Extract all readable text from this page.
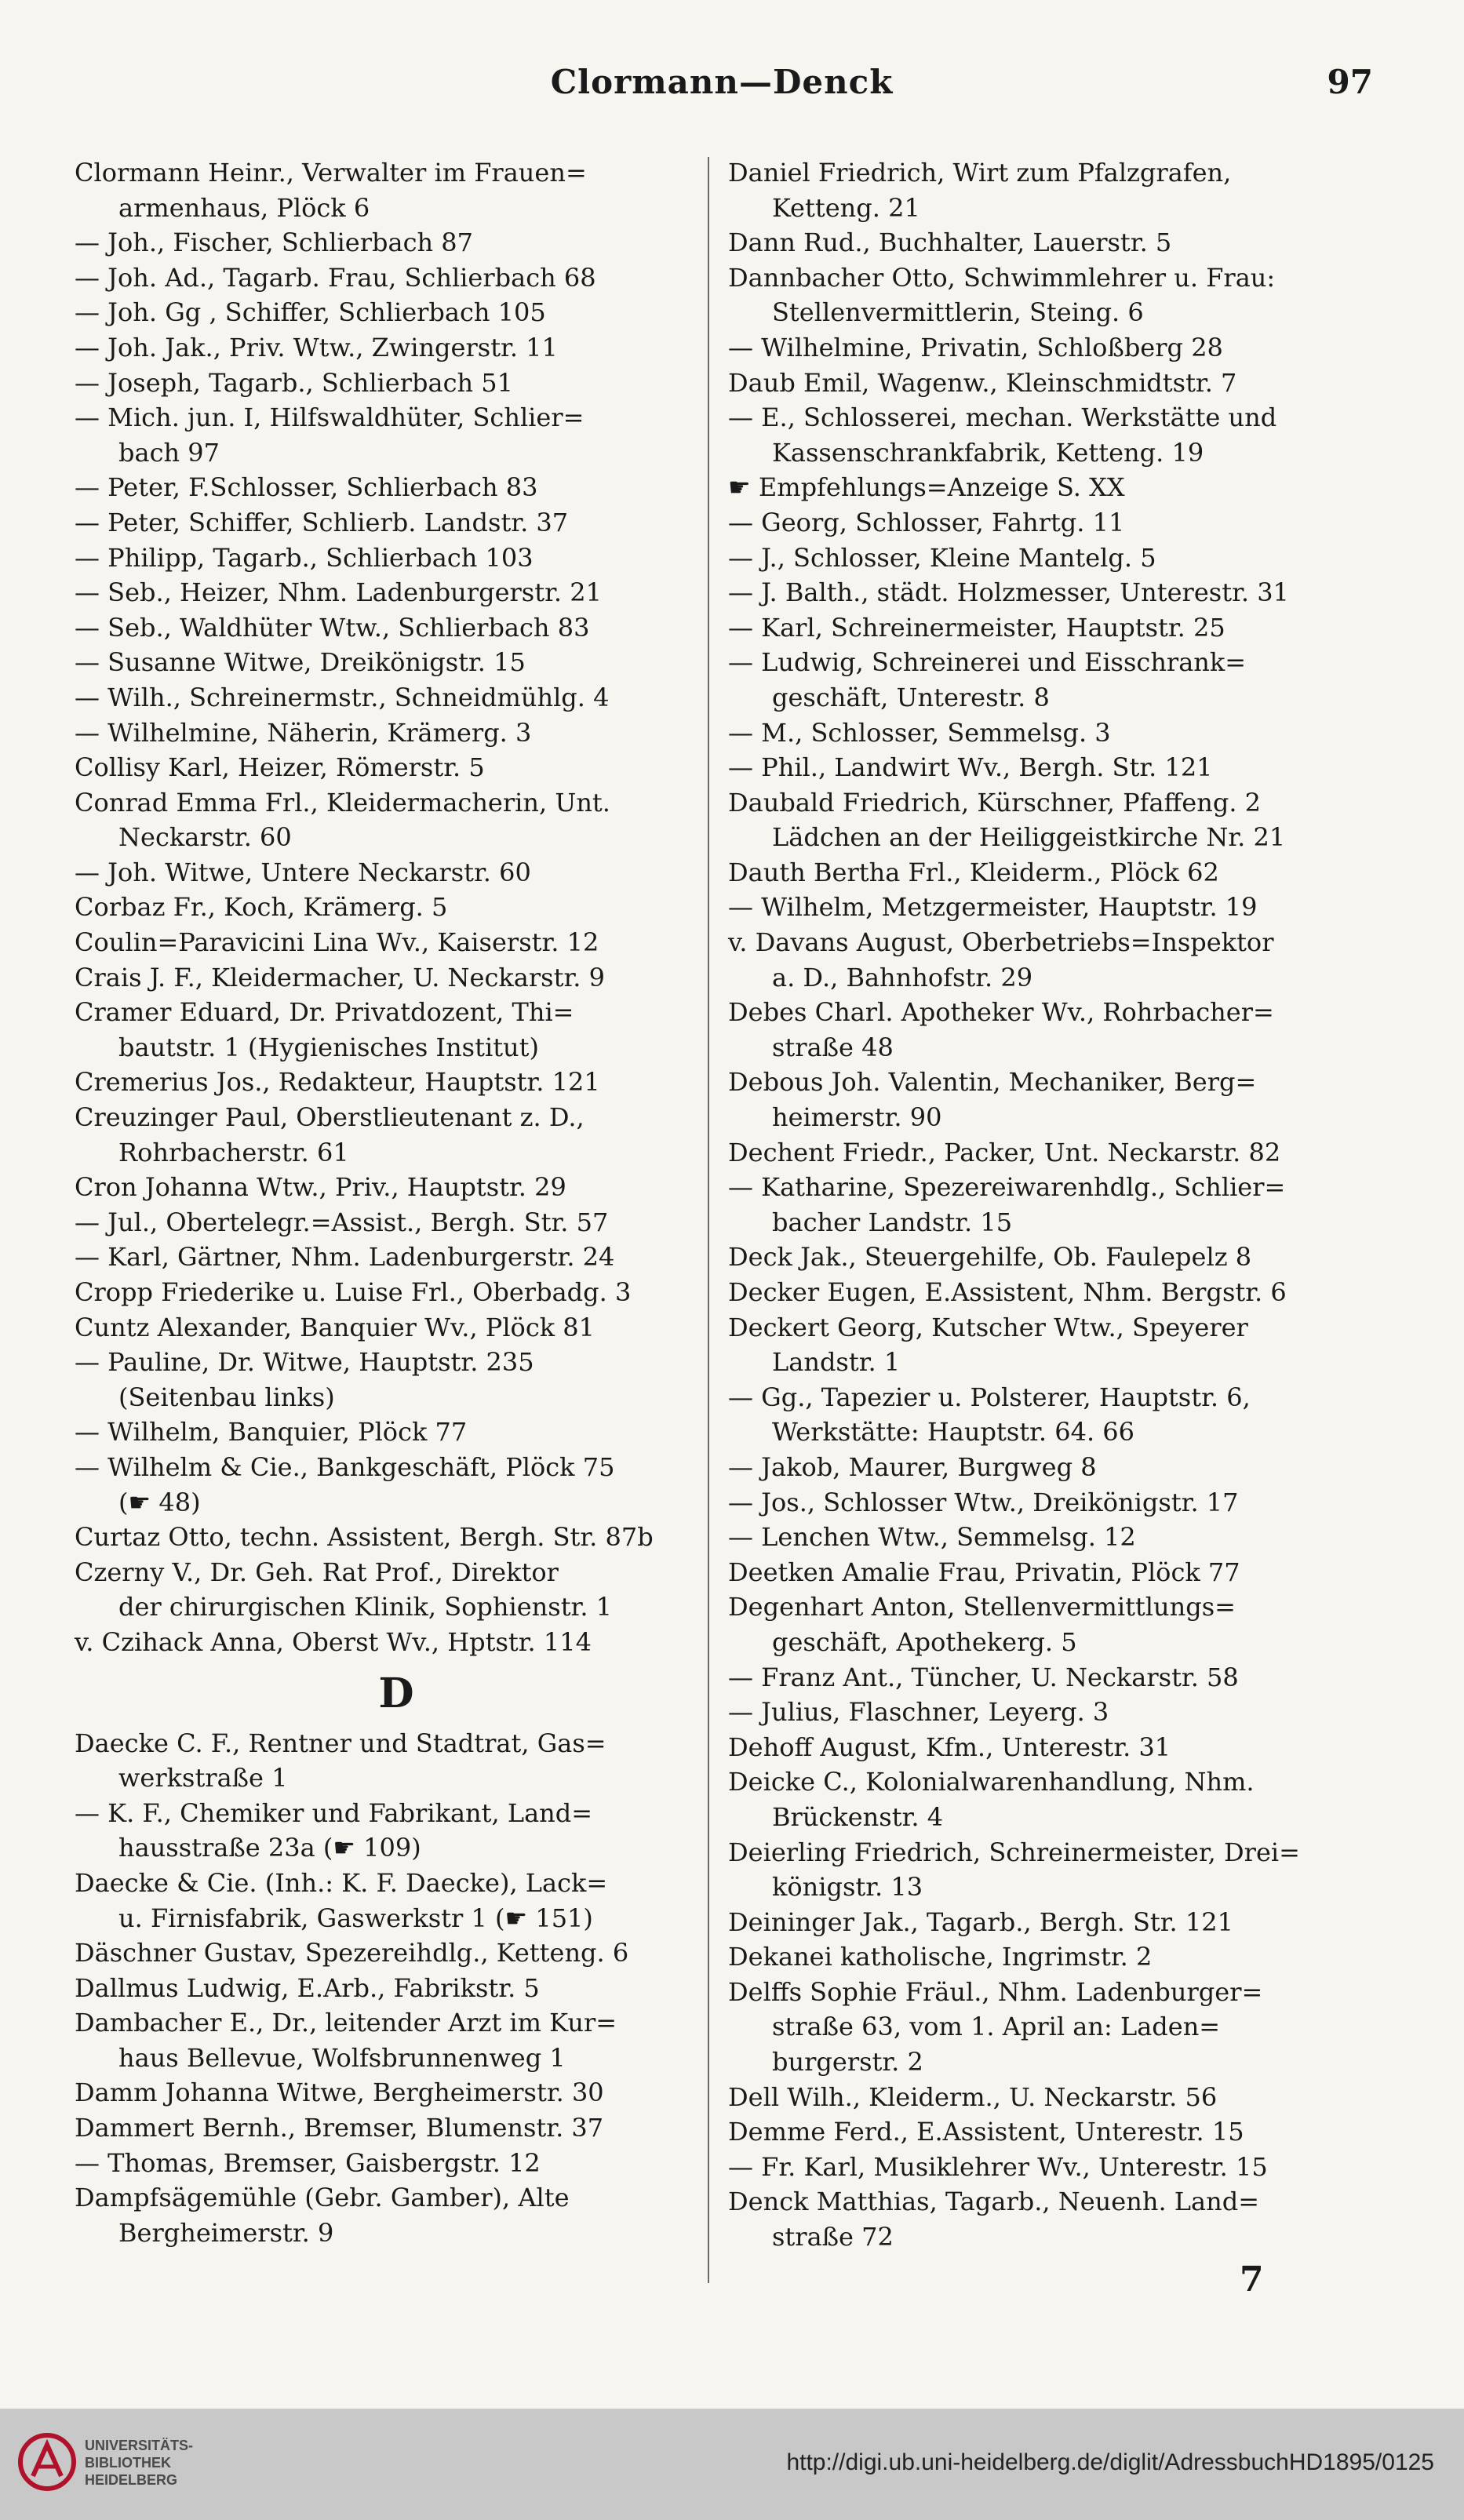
Clormann—Denck	97
Clormann Heinr., Verwalter im Frauen=
armenhaus, Plöck 6
— Joh., Fischer, Schlierbach 87
— Joh. Ad., Tagarb. Frau, Schlierbach 68
— Joh. Gg , Schiffer, Schlierbach 105
— Joh. Jak., Priv. Wtw., Zwingerstr. 11
— Joseph, Tagarb., Schlierbach 51
— Mich. jun. I, Hilfswaldhüter, Schlier=
bach 97
— Peter, F.Schlosser, Schlierbach 83
— Peter, Schiffer, Schlierb. Landstr. 37
— Philipp, Tagarb., Schlierbach 103
— Seb., Heizer, Nhm. Ladenburgerstr. 21
— Seb., Waldhüter Wtw., Schlierbach 83
— Susanne Witwe, Dreikönigstr. 15
— Wilh., Schreinermstr., Schneidmühlg. 4
— Wilhelmine, Näherin, Krämerg. 3
Collisy Karl, Heizer, Römerstr. 5
Conrad Emma Frl., Kleidermacherin, Unt.
Neckarstr. 60
— Joh. Witwe, Untere Neckarstr. 60
Corbaz Fr., Koch, Krämerg. 5
Coulin=Paravicini Lina Wv., Kaiserstr. 12
Crais J. F., Kleidermacher, U. Neckarstr. 9
Cramer Eduard, Dr. Privatdozent, Thi=
bautstr. 1 (Hygienisches Institut)
Cremerius Jos., Redakteur, Hauptstr. 121
Creuzinger Paul, Oberstlieutenant z. D.,
Rohrbacherstr. 61
Cron Johanna Wtw., Priv., Hauptstr. 29
— Jul., Obertelegr.=Assist., Bergh. Str. 57
— Karl, Gärtner, Nhm. Ladenburgerstr. 24
Cropp Friederike u. Luise Frl., Oberbadg. 3
Cuntz Alexander, Banquier Wv., Plöck 81
— Pauline, Dr. Witwe, Hauptstr. 235
(Seitenbau links)
— Wilhelm, Banquier, Plöck 77
— Wilhelm & Cie., Bankgeschäft, Plöck 75
(☛ 48)
Curtaz Otto, techn. Assistent, Bergh. Str. 87b
Czerny V., Dr. Geh. Rat Prof., Direktor
der chirurgischen Klinik, Sophienstr. 1
v. Czihack Anna, Oberst Wv., Hptstr. 114
D
Daecke C. F., Rentner und Stadtrat, Gas=
werkstraße 1
— K. F., Chemiker und Fabrikant, Land=
hausstraße 23a (☛ 109)
Daecke & Cie. (Inh.: K. F. Daecke), Lack=
u. Firnisfabrik, Gaswerkstr 1 (☛ 151)
Däschner Gustav, Spezereihdlg., Ketteng. 6
Dallmus Ludwig, E.Arb., Fabrikstr. 5
Dambacher E., Dr., leitender Arzt im Kur=
haus Bellevue, Wolfsbrunnenweg 1
Damm Johanna Witwe, Bergheimerstr. 30
Dammert Bernh., Bremser, Blumenstr. 37
— Thomas, Bremser, Gaisbergstr. 12
Dampfsägemühle (Gebr. Gamber), Alte
Bergheimerstr. 9
Daniel Friedrich, Wirt zum Pfalzgrafen,
Ketteng. 21
Dann Rud., Buchhalter, Lauerstr. 5
Dannbacher Otto, Schwimmlehrer u. Frau:
Stellenvermittlerin, Steing. 6
— Wilhelmine, Privatin, Schloßberg 28
Daub Emil, Wagenw., Kleinschmidtstr. 7
— E., Schlosserei, mechan. Werkstätte und
Kassenschrankfabrik, Ketteng. 19
☛ Empfehlungs=Anzeige S. XX
— Georg, Schlosser, Fahrtg. 11
— J., Schlosser, Kleine Mantelg. 5
— J. Balth., städt. Holzmesser, Unterestr. 31
— Karl, Schreinermeister, Hauptstr. 25
— Ludwig, Schreinerei und Eisschrank=
geschäft, Unterestr. 8
— M., Schlosser, Semmelsg. 3
— Phil., Landwirt Wv., Bergh. Str. 121
Daubald Friedrich, Kürschner, Pfaffeng. 2
Lädchen an der Heiliggeistkirche Nr. 21
Dauth Bertha Frl., Kleiderm., Plöck 62
— Wilhelm, Metzgermeister, Hauptstr. 19
v. Davans August, Oberbetriebs=Inspektor
a. D., Bahnhofstr. 29
Debes Charl. Apotheker Wv., Rohrbacher=
straße 48
Debous Joh. Valentin, Mechaniker, Berg=
heimerstr. 90
Dechent Friedr., Packer, Unt. Neckarstr. 82
— Katharine, Spezereiwarenhdlg., Schlier=
bacher Landstr. 15
Deck Jak., Steuergehilfe, Ob. Faulepelz 8
Decker Eugen, E.Assistent, Nhm. Bergstr. 6
Deckert Georg, Kutscher Wtw., Speyerer
Landstr. 1
— Gg., Tapezier u. Polsterer, Hauptstr. 6,
Werkstätte: Hauptstr. 64. 66
— Jakob, Maurer, Burgweg 8
— Jos., Schlosser Wtw., Dreikönigstr. 17
— Lenchen Wtw., Semmelsg. 12
Deetken Amalie Frau, Privatin, Plöck 77
Degenhart Anton, Stellenvermittlungs=
geschäft, Apothekerg. 5
— Franz Ant., Tüncher, U. Neckarstr. 58
— Julius, Flaschner, Leyerg. 3
Dehoff August, Kfm., Unterestr. 31
Deicke C., Kolonialwarenhandlung, Nhm.
Brückenstr. 4
Deierling Friedrich, Schreinermeister, Drei=
königstr. 13
Deininger Jak., Tagarb., Bergh. Str. 121
Dekanei katholische, Ingrimstr. 2
Delffs Sophie Fräul., Nhm. Ladenburger=
straße 63, vom 1. April an: Laden=
burgerstr. 2
Dell Wilh., Kleiderm., U. Neckarstr. 56
Demme Ferd., E.Assistent, Unterestr. 15
— Fr. Karl, Musiklehrer Wv., Unterestr. 15
Denck Matthias, Tagarb., Neuenh. Land=
straße 72
7
UNIVERSITÄTS-
BIBLIOTHEK
HEIDELBERG
http://digi.ub.uni-heidelberg.de/diglit/AdressbuchHD1895/0125
